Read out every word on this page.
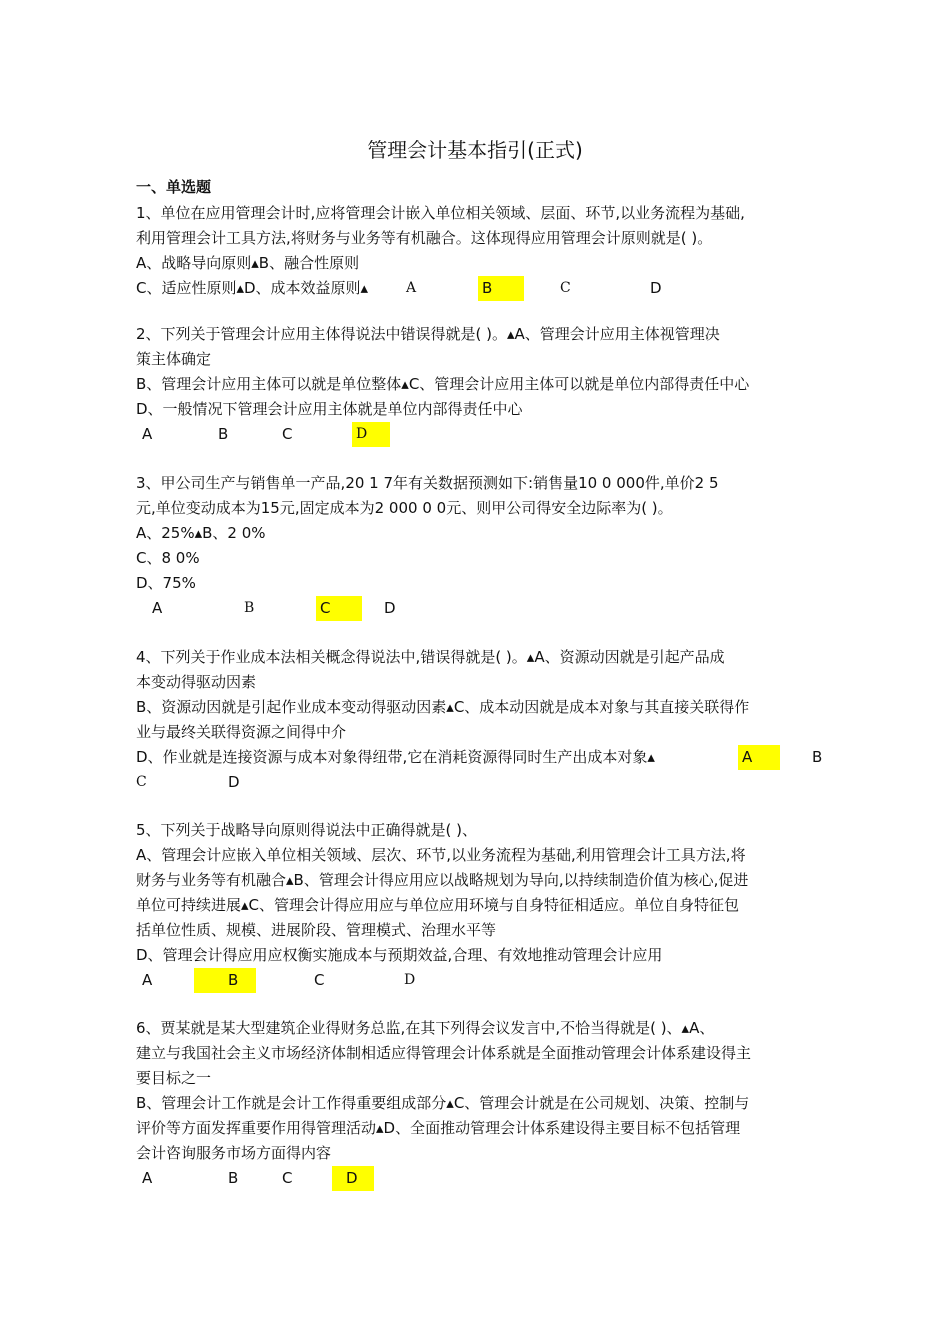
管理会计基本指引(正式)
一、单选题
1、单位在应用管理会计时,应将管理会计嵌入单位相关领域、层面、环节,以业务流程为基础,
利用管理会计工具方法,将财务与业务等有机融合。这体现得应用管理会计原则就是( )。
A、战略导向原则▴B、融合性原则
C、适应性原则▴D、成本效益原则▴	A	B	C	D
2、下列关于管理会计应用主体得说法中错误得就是( )。▴A、管理会计应用主体视管理决
策主体确定
B、管理会计应用主体可以就是单位整体▴C、管理会计应用主体可以就是单位内部得责任中心
D、一般情况下管理会计应用主体就是单位内部得责任中心
A	B	C	D
3、甲公司生产与销售单一产品,20 1 7年有关数据预测如下:销售量10 0 000件,单价2 5
元,单位变动成本为15元,固定成本为2 000 0 0元、则甲公司得安全边际率为( )。
A、25%▴B、2 0%
C、8 0%
D、75%
A	B	C	D
4、下列关于作业成本法相关概念得说法中,错误得就是( )。▴A、资源动因就是引起产品成
本变动得驱动因素
B、资源动因就是引起作业成本变动得驱动因素▴C、成本动因就是成本对象与其直接关联得作
业与最终关联得资源之间得中介
D、作业就是连接资源与成本对象得纽带,它在消耗资源得同时生产出成本对象▴	A	B
C	D
5、下列关于战略导向原则得说法中正确得就是( )、
A、管理会计应嵌入单位相关领域、层次、环节,以业务流程为基础,利用管理会计工具方法,将
财务与业务等有机融合▴B、管理会计得应用应以战略规划为导向,以持续制造价值为核心,促进
单位可持续进展▴C、管理会计得应用应与单位应用环境与自身特征相适应。单位自身特征包
括单位性质、规模、进展阶段、管理模式、治理水平等
D、管理会计得应用应权衡实施成本与预期效益,合理、有效地推动管理会计应用
A	B	C	D
6、贾某就是某大型建筑企业得财务总监,在其下列得会议发言中,不恰当得就是( )、▴A、
建立与我国社会主义市场经济体制相适应得管理会计体系就是全面推动管理会计体系建设得主
要目标之一
B、管理会计工作就是会计工作得重要组成部分▴C、管理会计就是在公司规划、决策、控制与
评价等方面发挥重要作用得管理活动▴D、全面推动管理会计体系建设得主要目标不包括管理
会计咨询服务市场方面得内容
A	B	C	D
